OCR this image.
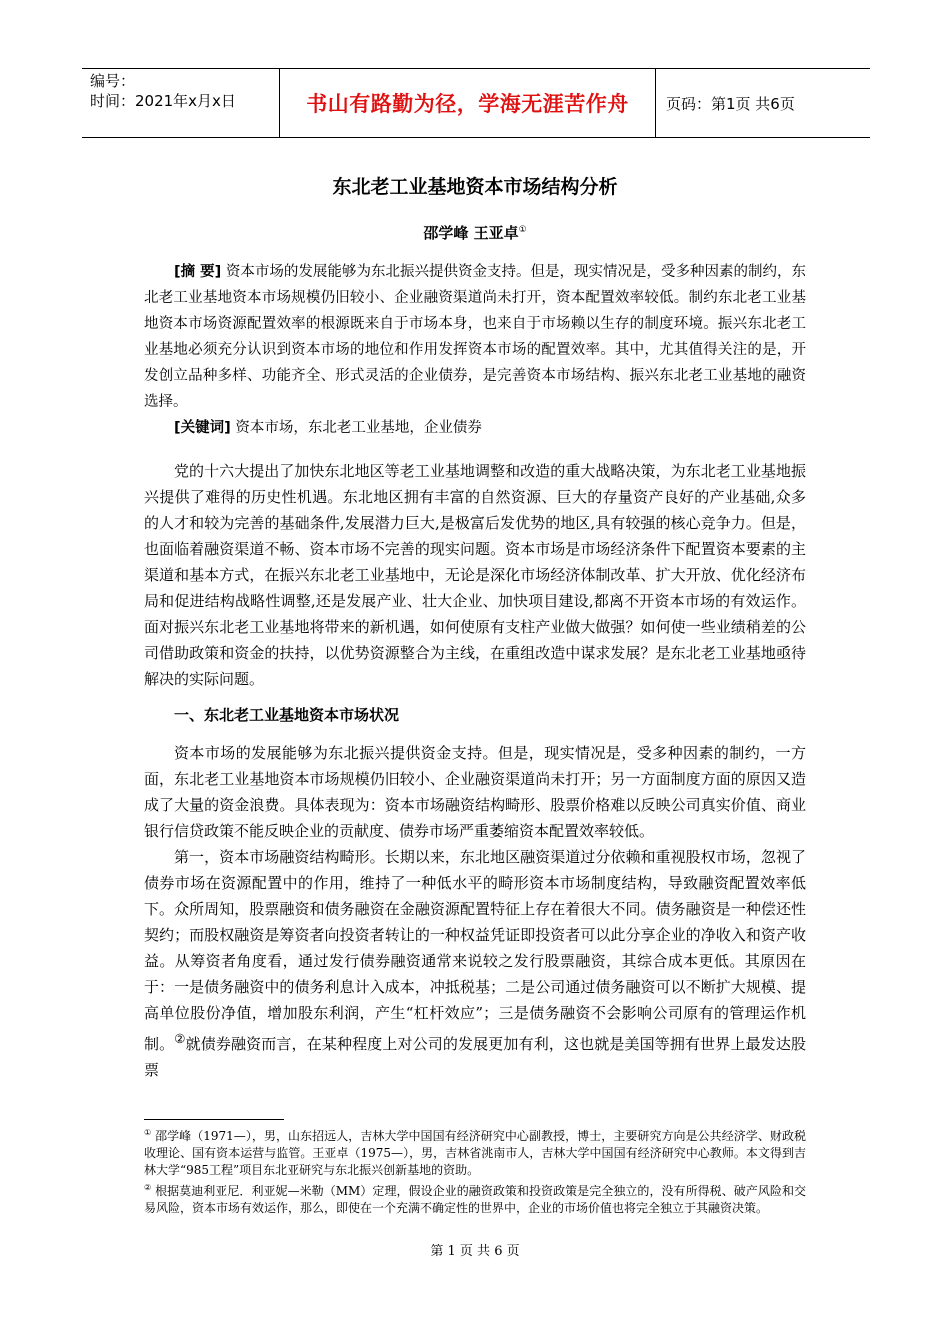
编号：
时间：2021年x月x日	书山有路勤为径，学海无涯苦作舟	页码：第1页 共6页
东北老工业基地资本市场结构分析
邵学峰 王亚卓①

[摘 要] 资本市场的发展能够为东北振兴提供资金支持。但是，现实情况是，受多种因素的制约，东北老工业基地资本市场规模仍旧较小、企业融资渠道尚未打开，资本配置效率较低。制约东北老工业基地资本市场资源配置效率的根源既来自于市场本身，也来自于市场赖以生存的制度环境。振兴东北老工业基地必须充分认识到资本市场的地位和作用发挥资本市场的配置效率。其中，尤其值得关注的是，开发创立品种多样、功能齐全、形式灵活的企业债券，是完善资本市场结构、振兴东北老工业基地的融资选择。

[关键词] 资本市场，东北老工业基地，企业债券

党的十六大提出了加快东北地区等老工业基地调整和改造的重大战略决策，为东北老工业基地振兴提供了难得的历史性机遇。东北地区拥有丰富的自然资源、巨大的存量资产良好的产业基础,众多的人才和较为完善的基础条件,发展潜力巨大,是极富后发优势的地区,具有较强的核心竞争力。但是，也面临着融资渠道不畅、资本市场不完善的现实问题。资本市场是市场经济条件下配置资本要素的主渠道和基本方式，在振兴东北老工业基地中，无论是深化市场经济体制改革、扩大开放、优化经济布局和促进结构战略性调整,还是发展产业、壮大企业、加快项目建设,都离不开资本市场的有效运作。面对振兴东北老工业基地将带来的新机遇，如何使原有支柱产业做大做强？如何使一些业绩稍差的公司借助政策和资金的扶持，以优势资源整合为主线，在重组改造中谋求发展？是东北老工业基地亟待解决的实际问题。

一、东北老工业基地资本市场状况

资本市场的发展能够为东北振兴提供资金支持。但是，现实情况是，受多种因素的制约，一方面，东北老工业基地资本市场规模仍旧较小、企业融资渠道尚未打开；另一方面制度方面的原因又造成了大量的资金浪费。具体表现为：资本市场融资结构畸形、股票价格难以反映公司真实价值、商业银行信贷政策不能反映企业的贡献度、债券市场严重萎缩资本配置效率较低。

第一，资本市场融资结构畸形。长期以来，东北地区融资渠道过分依赖和重视股权市场，忽视了债券市场在资源配置中的作用，维持了一种低水平的畸形资本市场制度结构，导致融资配置效率低下。众所周知，股票融资和债务融资在金融资源配置特征上存在着很大不同。债务融资是一种偿还性契约；而股权融资是筹资者向投资者转让的一种权益凭证即投资者可以此分享企业的净收入和资产收益。从筹资者角度看，通过发行债券融资通常来说较之发行股票融资，其综合成本更低。其原因在于：一是债务融资中的债务利息计入成本，冲抵税基；二是公司通过债务融资可以不断扩大规模、提高单位股份净值，增加股东利润，产生“杠杆效应”；三是债务融资不会影响公司原有的管理运作机制。②就债券融资而言，在某种程度上对公司的发展更加有利，这也就是美国等拥有世界上最发达股票

① 邵学峰（1971—），男，山东招远人，吉林大学中国国有经济研究中心副教授，博士，主要研究方向是公共经济学、财政税收理论、国有资本运营与监管。王亚卓（1975—），男，吉林省洮南市人，吉林大学中国国有经济研究中心教师。本文得到吉林大学“985工程”项目东北亚研究与东北振兴创新基地的资助。

② 根据莫迪利亚尼．利亚妮—米勒（MM）定理，假设企业的融资政策和投资政策是完全独立的，没有所得税、破产风险和交易风险，资本市场有效运作，那么，即使在一个充满不确定性的世界中，企业的市场价值也将完全独立于其融资决策。

第 1 页 共 6 页
